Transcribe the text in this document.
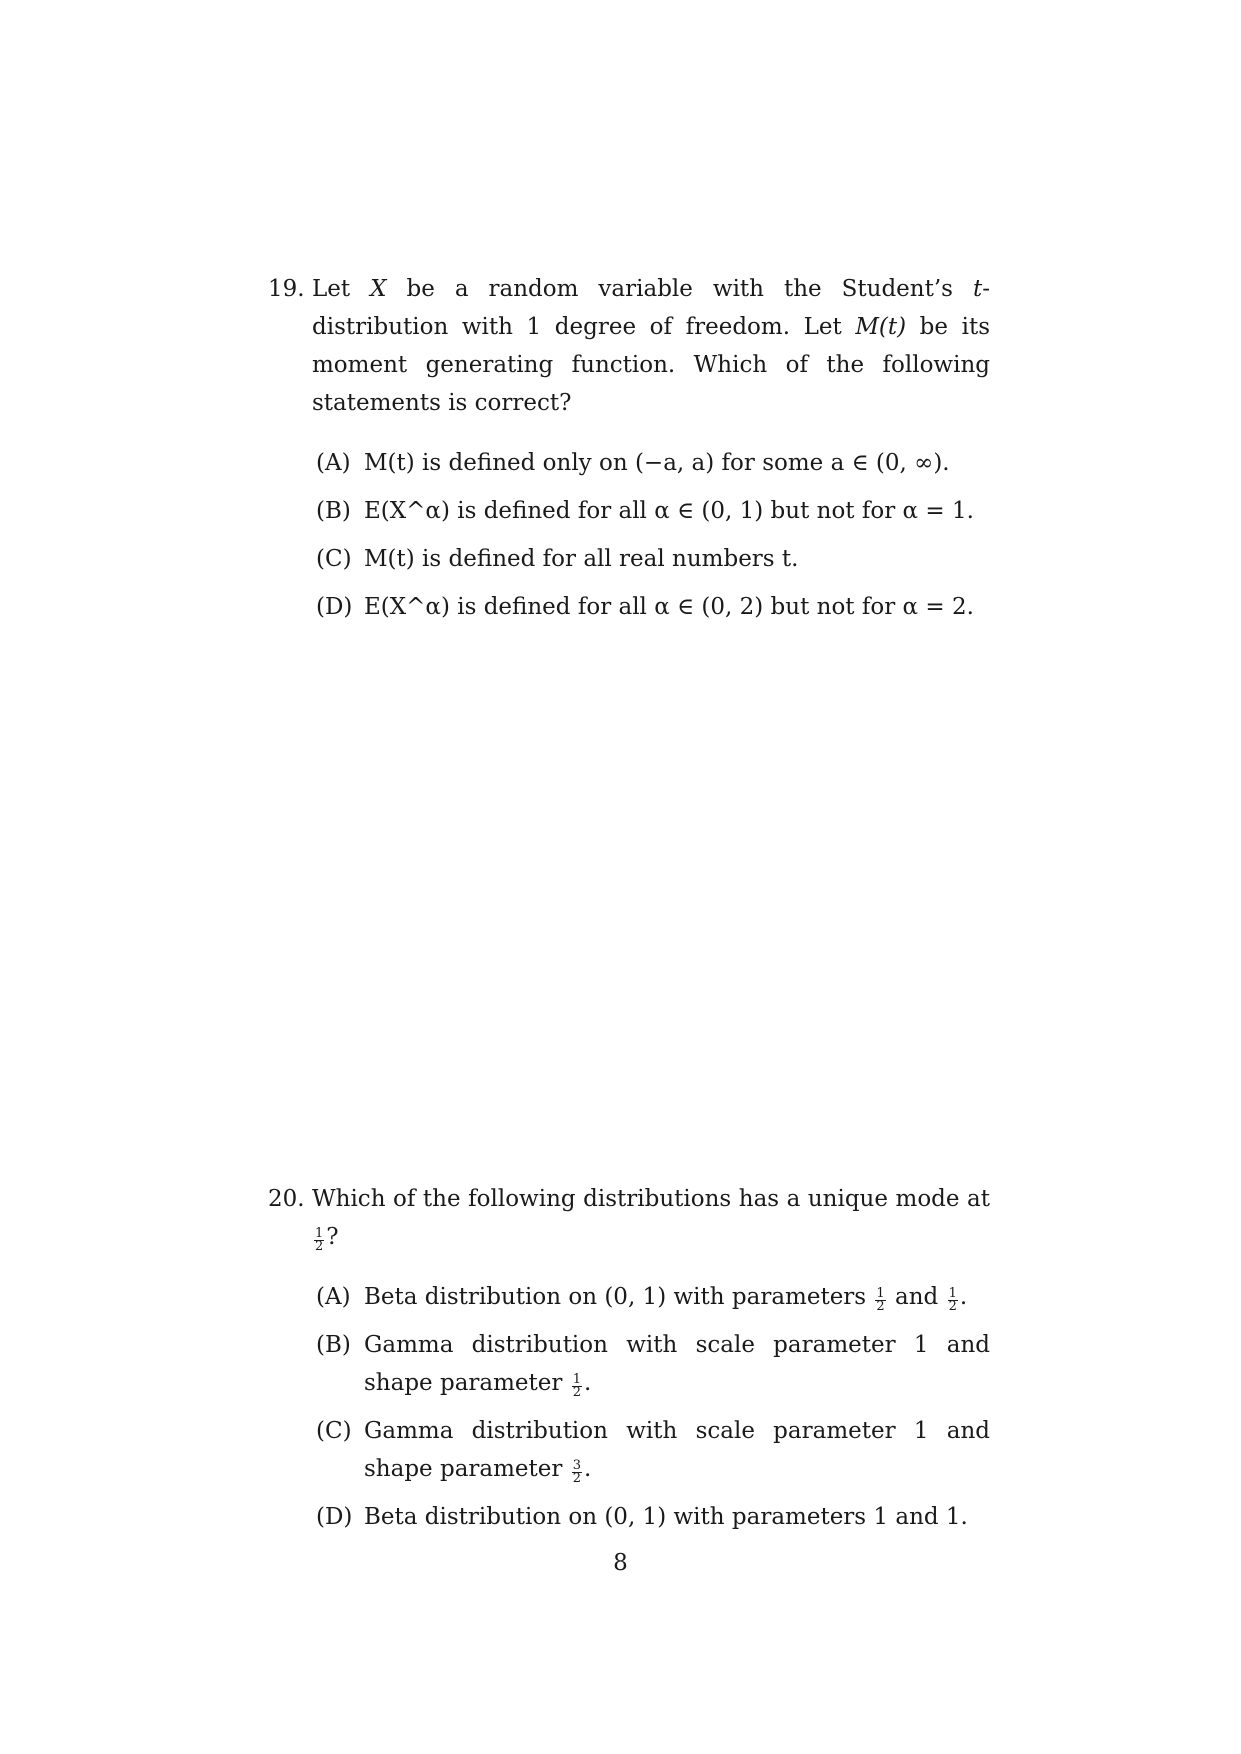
19. Let X be a random variable with the Student’s t-distribution with 1 degree of freedom. Let M(t) be its moment generating function. Which of the following statements is correct?
(A) M(t) is defined only on (−a, a) for some a ∈ (0, ∞).
(B) E(X^α) is defined for all α ∈ (0, 1) but not for α = 1.
(C) M(t) is defined for all real numbers t.
(D) E(X^α) is defined for all α ∈ (0, 2) but not for α = 2.
20. Which of the following distributions has a unique mode at
$\frac{1}{2}$ ?
(A) Beta distribution on (0, 1) with parameters $\frac{1}{2}$ and $\frac{1}{2}$ .
(B) Gamma distribution with scale parameter 1 and shape parameter $\frac{1}{2}$ .
(C) Gamma distribution with scale parameter 1 and shape parameter $\frac{3}{2}$ .
(D) Beta distribution on (0, 1) with parameters 1 and 1.
8
